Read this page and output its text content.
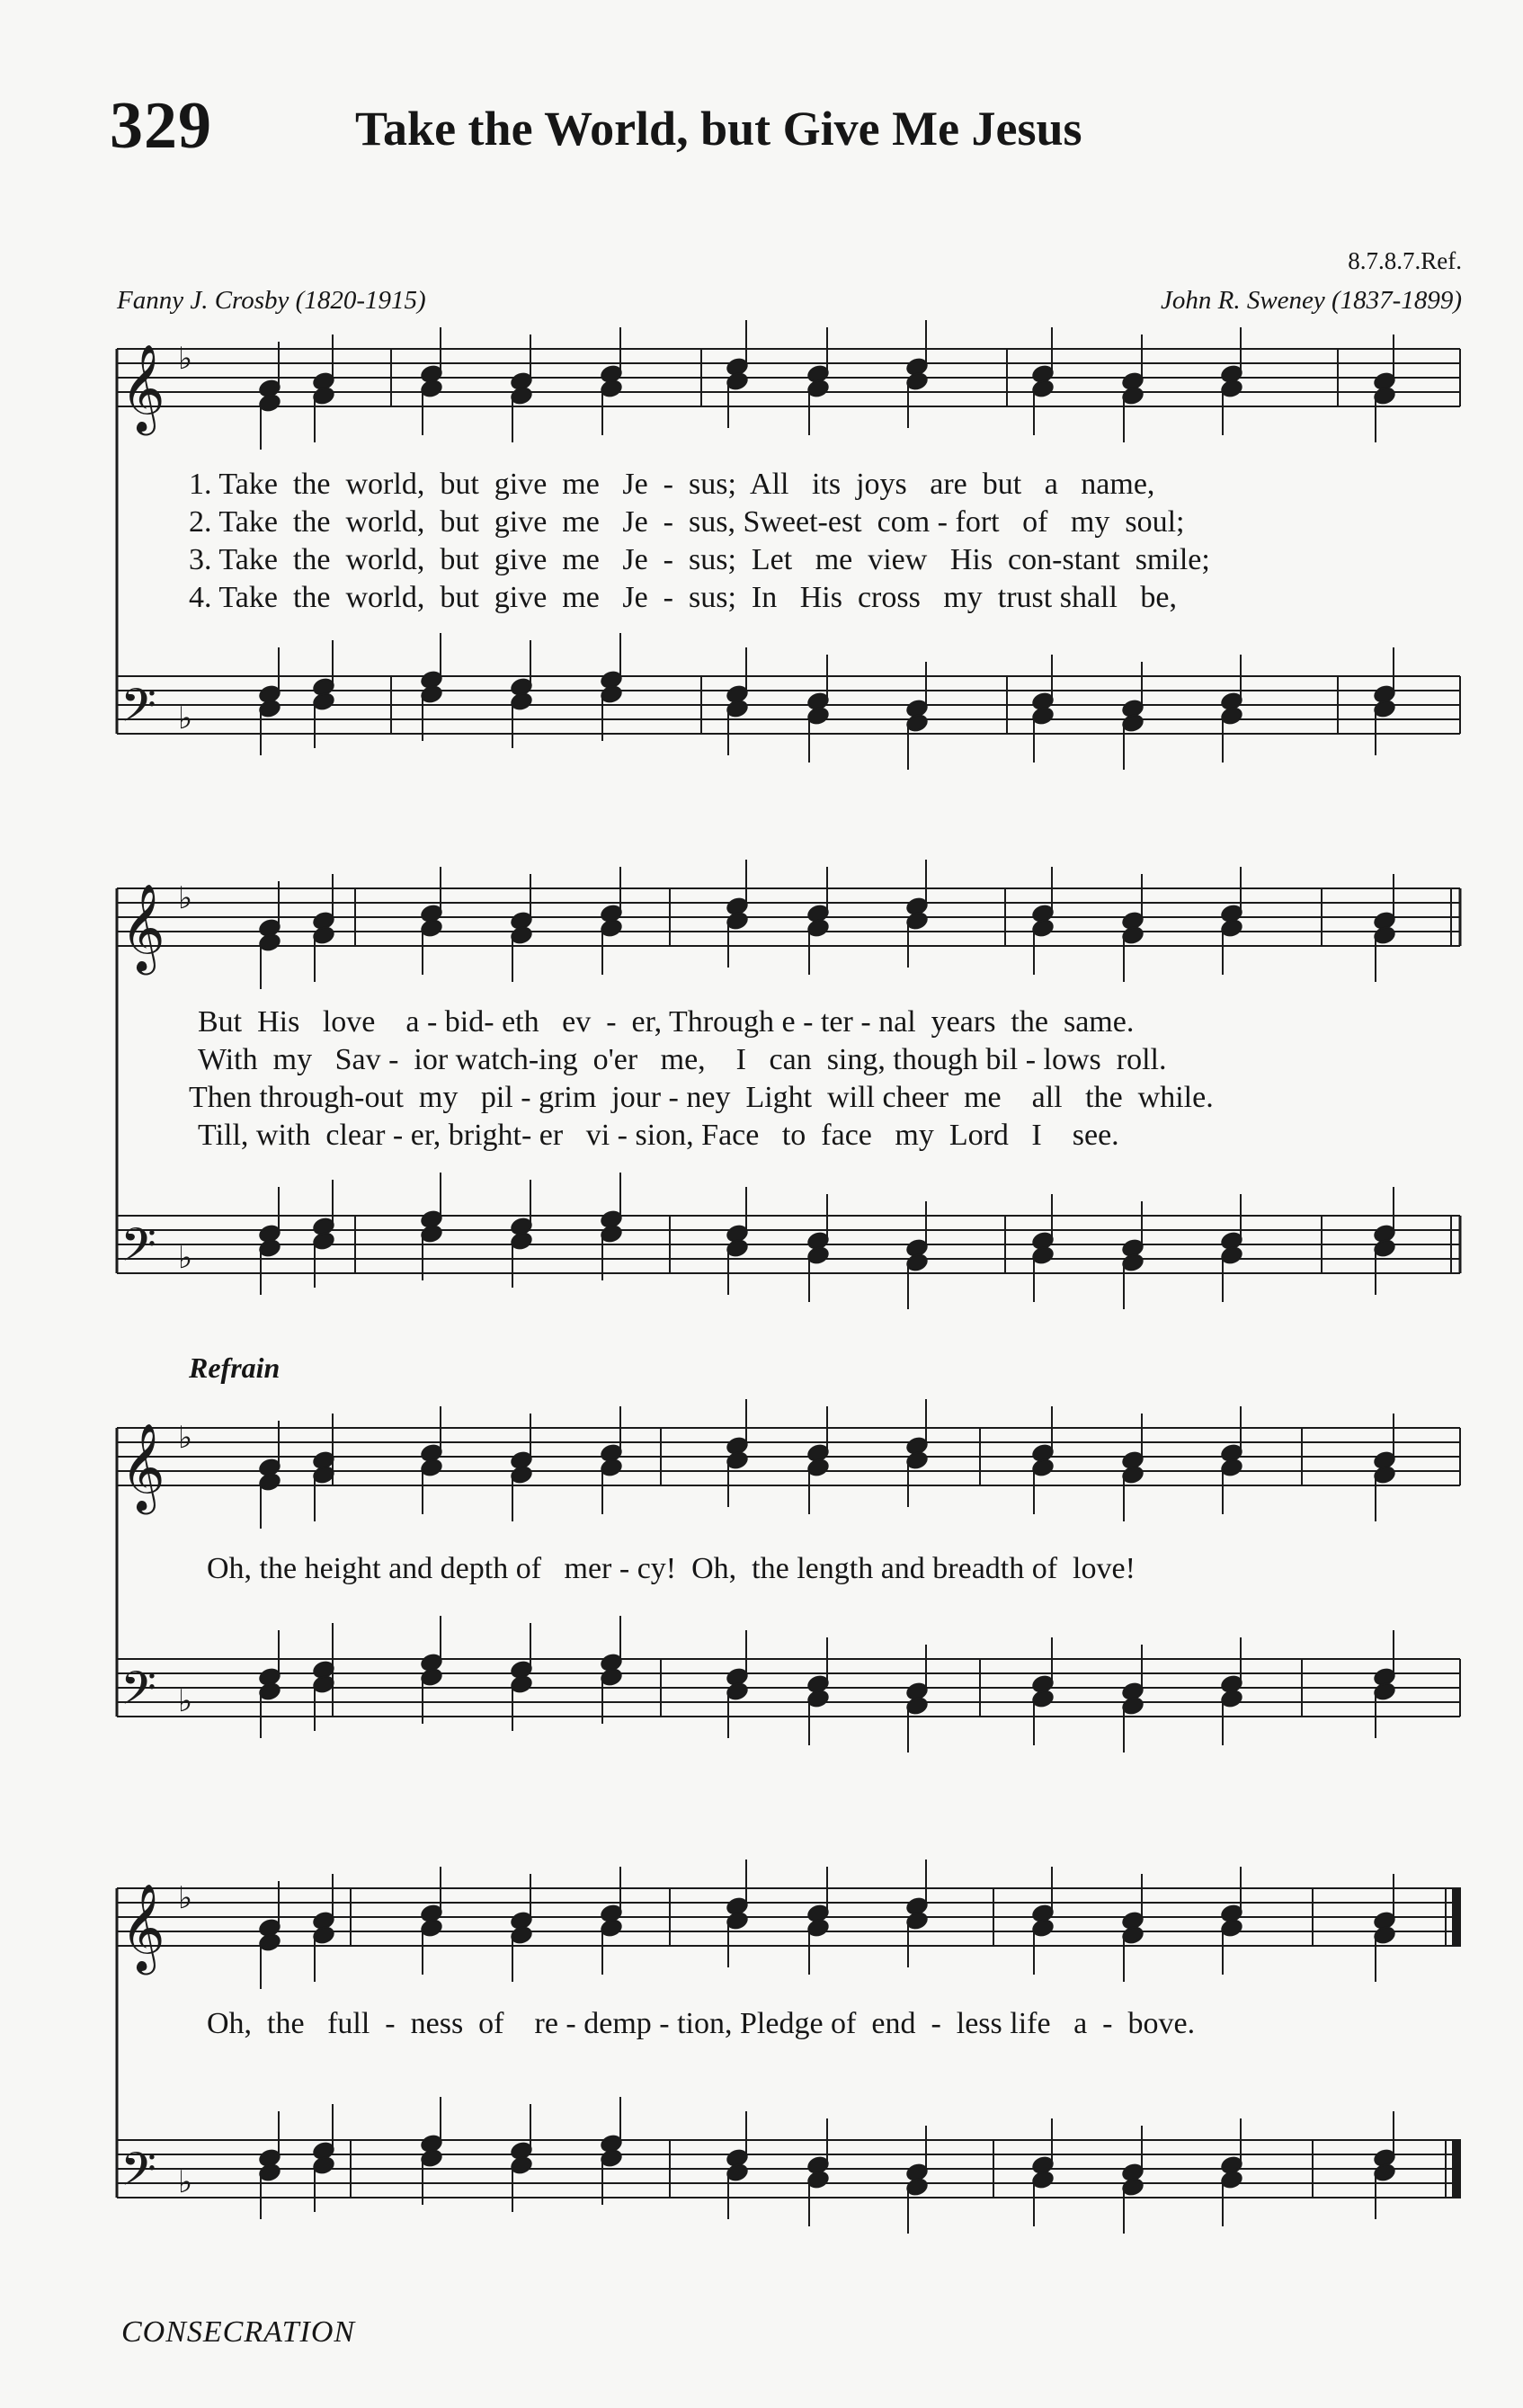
329	Take the World, but Give Me Jesus
8.7.8.7.Ref.
Fanny J. Crosby (1820-1915)	John R. Sweney (1837-1899)
𝄞
𝄢
𝄞
𝄢
𝄞
𝄢
𝄞
𝄢
♭
♭
♭
♭
♭
♭
♭
♭
Refrain
1. Take  the  world,  but  give  me   Je  -  sus;  All   its  joys   are  but   a   name,
2. Take  the  world,  but  give  me   Je  -  sus, Sweet-est  com - fort   of   my  soul;
3. Take  the  world,  but  give  me   Je  -  sus;  Let   me  view   His  con-stant  smile;
4. Take  the  world,  but  give  me   Je  -  sus;  In   His  cross   my  trust shall   be,
But  His   love    a - bid- eth   ev  -  er, Through e - ter - nal  years  the  same.
With  my   Sav -  ior watch-ing  o'er   me,    I   can  sing, though bil - lows  roll.
Then through-out  my   pil - grim  jour - ney  Light  will cheer  me    all   the  while.
Till, with  clear - er, bright- er   vi - sion, Face   to  face   my  Lord   I    see.
Oh, the height and depth of   mer - cy!  Oh,  the length and breadth of  love!
Oh,  the   full  -  ness  of    re - demp - tion, Pledge of  end  -  less life   a  -  bove.
CONSECRATION
